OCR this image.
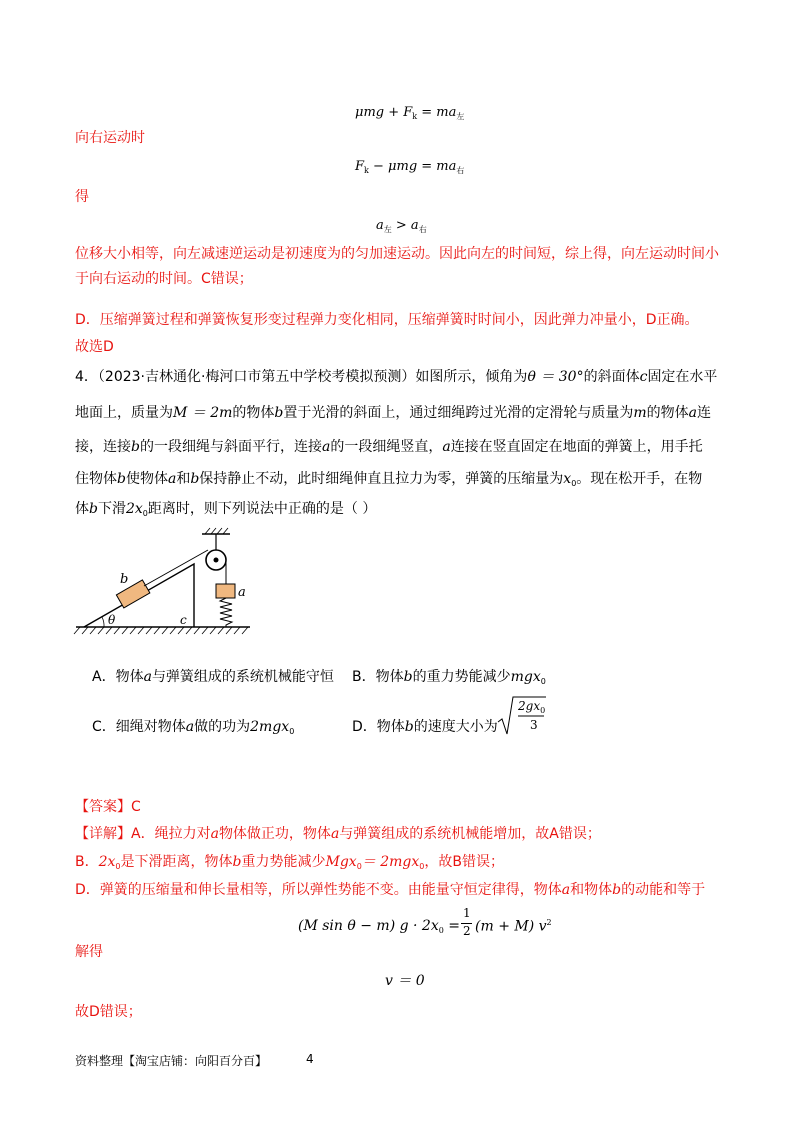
$\mu mg + F_k = ma_左$
向右运动时
$F_k - \mu mg = ma_右$
得
$a_左 > a_右$
位移大小相等，向左减速逆运动是初速度为的匀加速运动。因此向左的时间短，综上得，向左运动时间小于向右运动的时间。C错误；
D．压缩弹簧过程和弹簧恢复形变过程弹力变化相同，压缩弹簧时时间小，因此弹力冲量小，D正确。
故选D
4．（2023·吉林通化·梅河口市第五中学校考模拟预测）如图所示，倾角为θ ＝ 30°的斜面体c固定在水平
地面上，质量为M ＝ 2m的物体b置于光滑的斜面上，通过细绳跨过光滑的定滑轮与质量为m的物体a连
接，连接b的一段细绳与斜面平行，连接a的一段细绳竖直，a连接在竖直固定在地面的弹簧上，用手托
住物体b使物体a和b保持静止不动，此时细绳伸直且拉力为零，弹簧的压缩量为$x_0$。现在松开手，在物
体b下滑$2x_0$距离时，则下列说法中正确的是（ ）
b
a
θ	c
A．物体a与弹簧组成的系统机械能守恒 B．物体b的重力势能减少mgx$_0$
C．细绳对物体a做的功为2mgx$_0$	D．物体b的速度大小为
$2gx_0$
3
【答案】C
【详解】A．绳拉力对a物体做正功，物体a与弹簧组成的系统机械能增加，故A错误；
B．$2x_0$是下滑距离，物体b重力势能减少Mgx$_0$＝ 2mgx$_0$，故B错误；
D．弹簧的压缩量和伸长量相等，所以弹性势能不变。由能量守恒定律得，物体a和物体b的动能和等于
(M sin θ − m) $g \cdot 2x_0$ =
1
2 (m + M) $v^2$
解得
v ＝ 0
故D错误；
资料整理【淘宝店铺：向阳百分百】	4
